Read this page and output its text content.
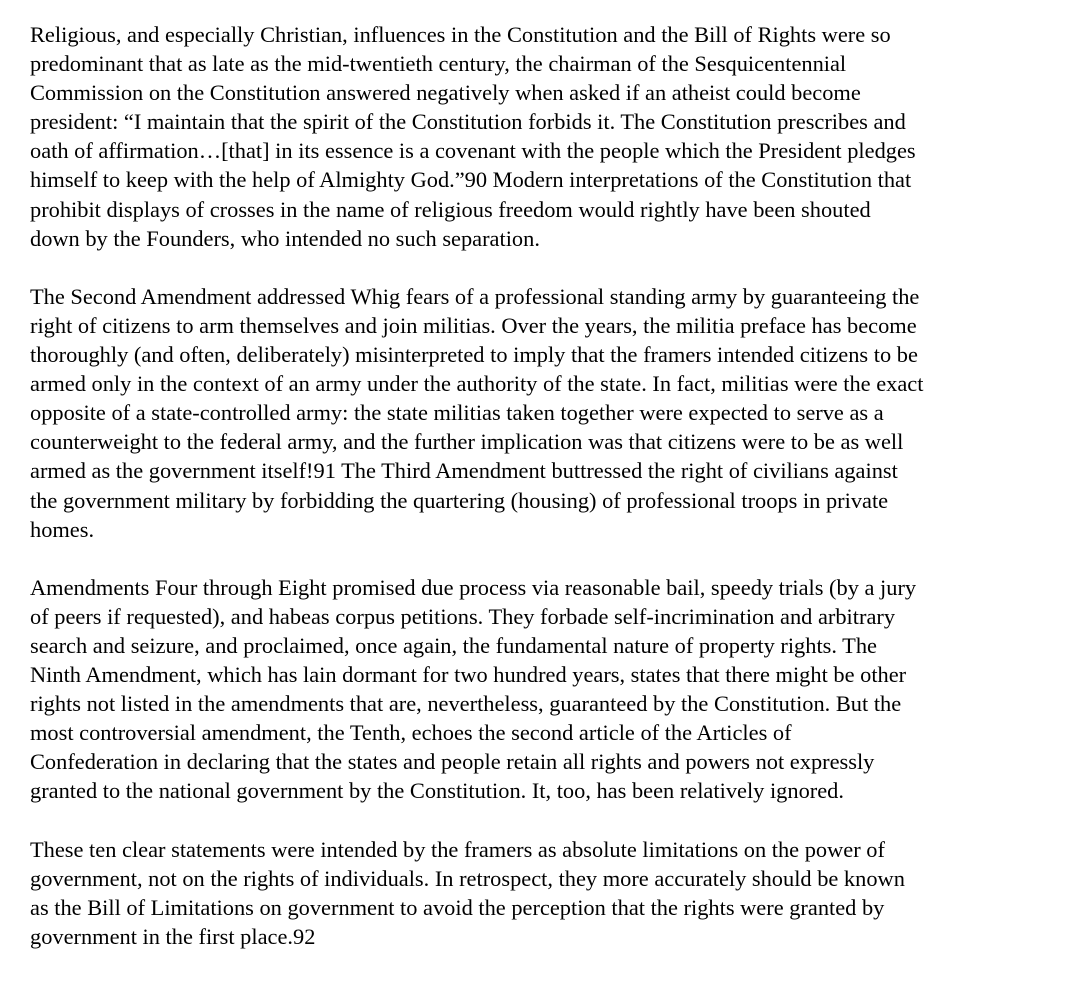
Religious, and especially Christian, influences in the Constitution and the Bill of Rights were so
predominant that as late as the mid-twentieth century, the chairman of the Sesquicentennial
Commission on the Constitution answered negatively when asked if an atheist could become
president: “I maintain that the spirit of the Constitution forbids it. The Constitution prescribes and
oath of affirmation…[that] in its essence is a covenant with the people which the President pledges
himself to keep with the help of Almighty God.”90 Modern interpretations of the Constitution that
prohibit displays of crosses in the name of religious freedom would rightly have been shouted
down by the Founders, who intended no such separation.

The Second Amendment addressed Whig fears of a professional standing army by guaranteeing the
right of citizens to arm themselves and join militias. Over the years, the militia preface has become
thoroughly (and often, deliberately) misinterpreted to imply that the framers intended citizens to be
armed only in the context of an army under the authority of the state. In fact, militias were the exact
opposite of a state-controlled army: the state militias taken together were expected to serve as a
counterweight to the federal army, and the further implication was that citizens were to be as well
armed as the government itself!91 The Third Amendment buttressed the right of civilians against
the government military by forbidding the quartering (housing) of professional troops in private
homes.

Amendments Four through Eight promised due process via reasonable bail, speedy trials (by a jury
of peers if requested), and habeas corpus petitions. They forbade self-incrimination and arbitrary
search and seizure, and proclaimed, once again, the fundamental nature of property rights. The
Ninth Amendment, which has lain dormant for two hundred years, states that there might be other
rights not listed in the amendments that are, nevertheless, guaranteed by the Constitution. But the
most controversial amendment, the Tenth, echoes the second article of the Articles of
Confederation in declaring that the states and people retain all rights and powers not expressly
granted to the national government by the Constitution. It, too, has been relatively ignored.

These ten clear statements were intended by the framers as absolute limitations on the power of
government, not on the rights of individuals. In retrospect, they more accurately should be known
as the Bill of Limitations on government to avoid the perception that the rights were granted by
government in the first place.92
